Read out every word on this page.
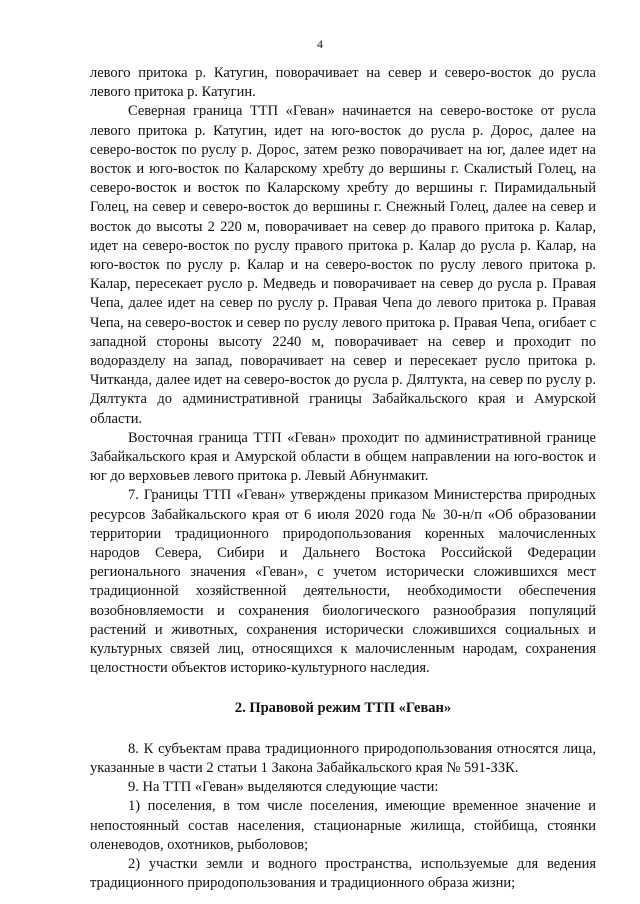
4

левого притока р. Катугин, поворачивает на север и северо-восток до русла левого притока р. Катугин.

Северная граница ТТП «Геван» начинается на северо-востоке от русла левого притока р. Катугин, идет на юго-восток до русла р. Дорос, далее на северо-восток по руслу р. Дорос, затем резко поворачивает на юг, далее идет на восток и юго-восток по Каларскому хребту до вершины г. Скалистый Голец, на северо-восток и восток по Каларскому хребту до вершины г. Пирамидальный Голец, на север и северо-восток до вершины г. Снежный Голец, далее на север и восток до высоты 2 220 м, поворачивает на север до правого притока р. Калар, идет на северо-восток по руслу правого притока р. Калар до русла р. Калар, на юго-восток по руслу р. Калар и на северо-восток по руслу левого притока р. Калар, пересекает русло р. Медведь и поворачивает на север до русла р. Правая Чепа, далее идет на север по руслу р. Правая Чепа до левого притока р. Правая Чепа, на северо-восток и север по руслу левого притока р. Правая Чепа, огибает с западной стороны высоту 2240 м, поворачивает на север и проходит по водоразделу на запад, поворачивает на север и пересекает русло притока р. Читканда, далее идет на северо-восток до русла р. Дялтукта, на север по руслу р. Дялтукта до административной границы Забайкальского края и Амурской области.

Восточная граница ТТП «Геван» проходит по административной границе Забайкальского края и Амурской области в общем направлении на юго-восток и юг до верховьев левого притока р. Левый Абнунмакит.

7. Границы ТТП «Геван» утверждены приказом Министерства природных ресурсов Забайкальского края от 6 июля 2020 года № 30-н/п «Об образовании территории традиционного природопользования коренных малочисленных народов Севера, Сибири и Дальнего Востока Российской Федерации регионального значения «Геван», с учетом исторически сложившихся мест традиционной хозяйственной деятельности, необходимости обеспечения возобновляемости и сохранения биологического разнообразия популяций растений и животных, сохранения исторически сложившихся социальных и культурных связей лиц, относящихся к малочисленным народам, сохранения целостности объектов историко-культурного наследия.

2. Правовой режим ТТП «Геван»

8. К субъектам права традиционного природопользования относятся лица, указанные в части 2 статьи 1 Закона Забайкальского края № 591-ЗЗК.

9. На ТТП «Геван» выделяются следующие части:

1) поселения, в том числе поселения, имеющие временное значение и непостоянный состав населения, стационарные жилища, стойбища, стоянки оленеводов, охотников, рыболовов;

2) участки земли и водного пространства, используемые для ведения традиционного природопользования и традиционного образа жизни;
